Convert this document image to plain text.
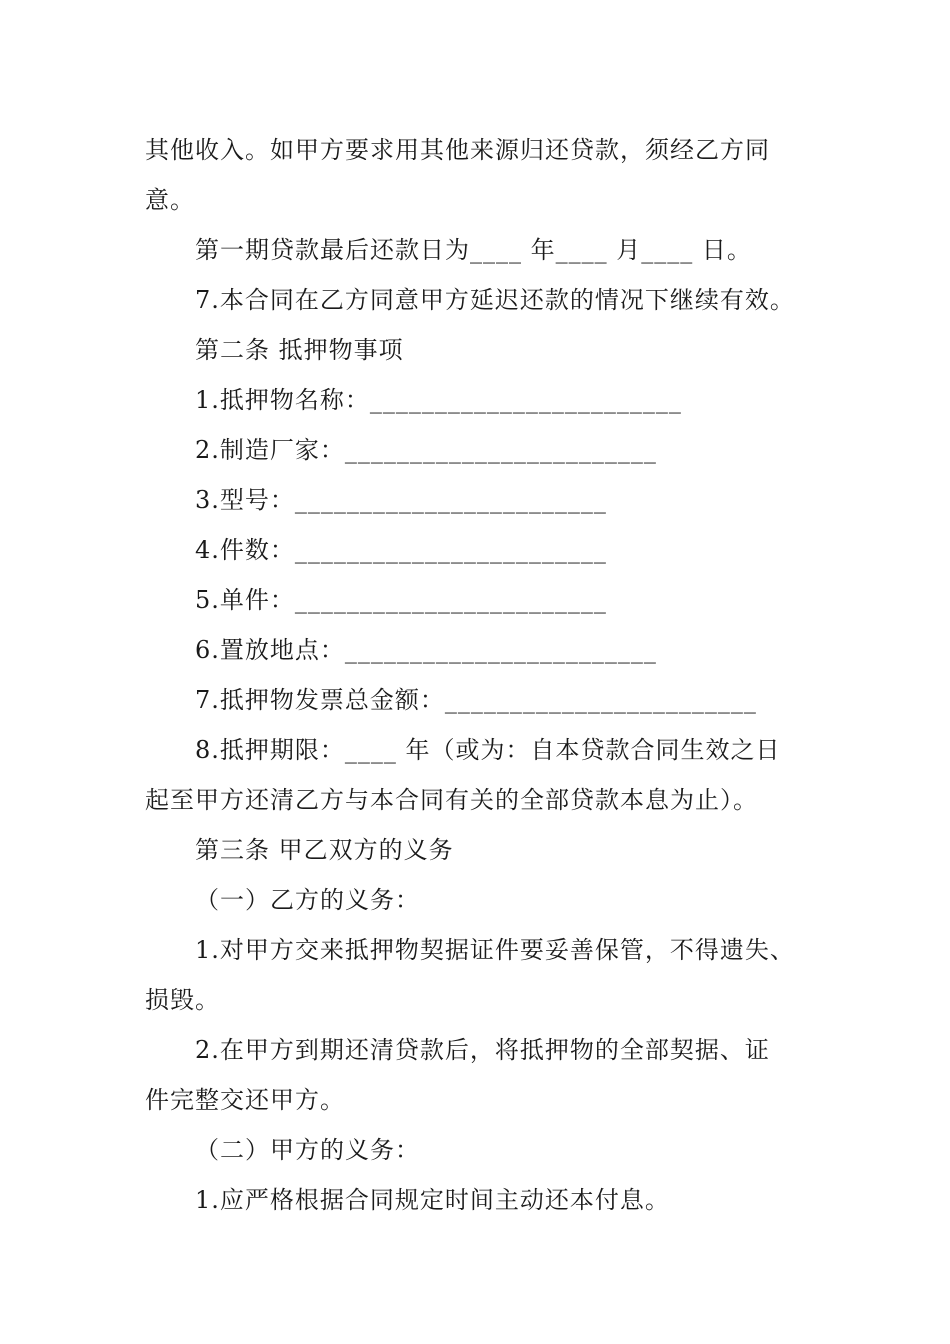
其他收入。如甲方要求用其他来源归还贷款，须经乙方同
意。
第一期贷款最后还款日为____ 年____ 月____ 日。
7.本合同在乙方同意甲方延迟还款的情况下继续有效。
第二条 抵押物事项
1.抵押物名称：________________________
2.制造厂家：________________________
3.型号：________________________
4.件数：________________________
5.单件：________________________
6.置放地点：________________________
7.抵押物发票总金额：________________________
8.抵押期限：____ 年（或为：自本贷款合同生效之日
起至甲方还清乙方与本合同有关的全部贷款本息为止）。
第三条 甲乙双方的义务
（一）乙方的义务：
1.对甲方交来抵押物契据证件要妥善保管，不得遗失、
损毁。
2.在甲方到期还清贷款后，将抵押物的全部契据、证
件完整交还甲方。
（二）甲方的义务：
1.应严格根据合同规定时间主动还本付息。
